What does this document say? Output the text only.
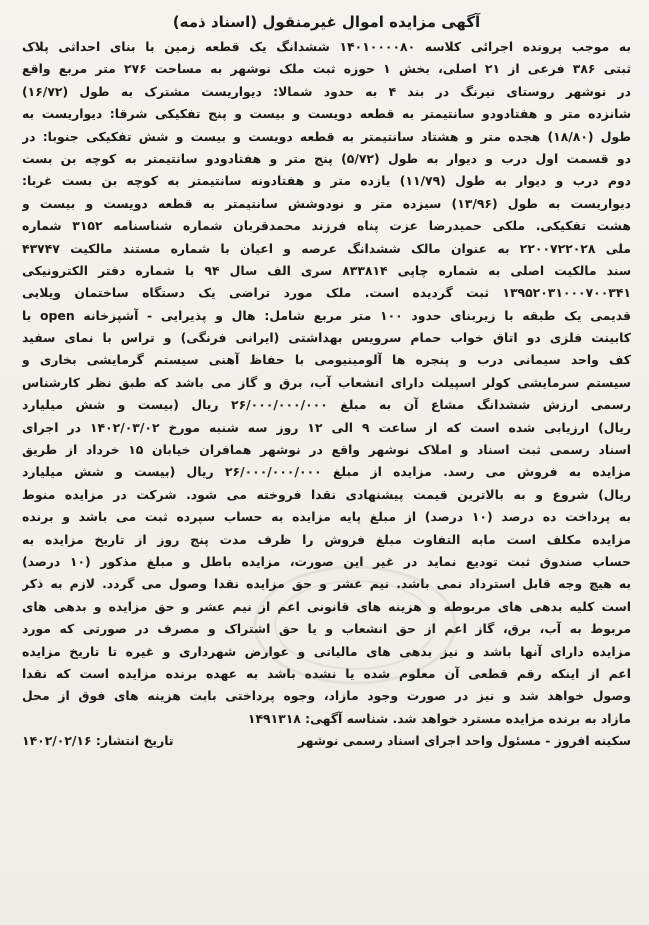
آگهی مزایده اموال غیرمنقول (اسناد ذمه)
به موجب پرونده اجرائی کلاسه ۱۴۰۱۰۰۰۰۸۰ ششدانگ یک قطعه زمین با بنای احداثی پلاک
ثبتی ۳۸۶ فرعی از ۲۱ اصلی، بخش ۱ حوزه ثبت ملک نوشهر به مساحت ۲۷۶ متر مربع واقع
در نوشهر روستای نیرنگ در بند ۴ به حدود شمالا: دیواریست مشترک به طول (۱۶/۷۲)
شانزده متر و هفتادودو سانتیمتر به قطعه دویست و بیست و پنج تفکیکی شرقا: دیواریست به
طول (۱۸/۸۰) هجده متر و هشتاد سانتیمتر به قطعه دویست و بیست و شش تفکیکی جنوبا: در
دو قسمت اول درب و دیوار به طول (۵/۷۲) پنج متر و هفتادودو سانتیمتر به کوچه بن بست
دوم درب و دیوار به طول (۱۱/۷۹) یازده متر و هفتادونه سانتیمتر به کوچه بن بست غربا:
دیواریست به طول (۱۳/۹۶) سیزده متر و نودوشش سانتیمتر به قطعه دویست و بیست و
هشت تفکیکی. ملکی حمیدرضا عزت پناه فرزند محمدقربان شماره شناسنامه ۳۱۵۲ شماره
ملی ۲۲۰۰۷۲۲۰۲۸ به عنوان مالک ششدانگ عرصه و اعیان با شماره مستند مالکیت ۴۳۷۴۷
سند مالکیت اصلی به شماره چاپی ۸۳۳۸۱۴ سری الف سال ۹۴ با شماره دفتر الکترونیکی
۱۳۹۵۲۰۳۱۰۰۰۷۰۰۳۴۱ ثبت گردیده است. ملک مورد تراضی یک دستگاه ساختمان ویلایی
قدیمی یک طبقه با زیربنای حدود ۱۰۰ متر مربع شامل: هال و پذیرایی - آشپزخانه open با
کابینت فلزی دو اتاق خواب حمام سرویس بهداشتی (ایرانی فرنگی) و تراس با نمای سفید
کف واحد سیمانی درب و پنجره ها آلومینیومی با حفاظ آهنی سیستم گرمایشی بخاری و
سیستم سرمایشی کولر اسپیلت دارای انشعاب آب، برق و گاز می باشد که طبق نظر کارشناس
رسمی ارزش ششدانگ مشاع آن به مبلغ ۲۶/۰۰۰/۰۰۰/۰۰۰ ریال (بیست و شش میلیارد
ریال) ارزیابی شده است که از ساعت ۹ الی ۱۲ روز سه شنبه مورخ ۱۴۰۲/۰۳/۰۲ در اجرای
اسناد رسمی ثبت اسناد و املاک نوشهر واقع در نوشهر همافران خیابان ۱۵ خرداد از طریق
مزایده به فروش می رسد. مزایده از مبلغ ۲۶/۰۰۰/۰۰۰/۰۰۰ ریال (بیست و شش میلیارد
ریال) شروع و به بالاترین قیمت پیشنهادی نقدا فروخته می شود. شرکت در مزایده منوط
به پرداخت ده درصد (۱۰ درصد) از مبلغ پایه مزایده به حساب سپرده ثبت می باشد و برنده
مزایده مکلف است مابه التفاوت مبلغ فروش را ظرف مدت پنج روز از تاریخ مزایده به
حساب صندوق ثبت تودیع نماید در غیر این صورت، مزایده باطل و مبلغ مذکور (۱۰ درصد)
به هیچ وجه قابل استرداد نمی باشد. نیم عشر و حق مزایده نقدا وصول می گردد. لازم به ذکر
است کلیه بدهی های مربوطه و هزینه های قانونی اعم از نیم عشر و حق مزایده و بدهی های
مربوط به آب، برق، گاز اعم از حق انشعاب و یا حق اشتراک و مصرف در صورتی که مورد
مزایده دارای آنها باشد و نیز بدهی های مالیاتی و عوارض شهرداری و غیره تا تاریخ مزایده
اعم از اینکه رقم قطعی آن معلوم شده یا نشده باشد به عهده برنده مزایده است که نقدا
وصول خواهد شد و نیز در صورت وجود مازاد، وجوه پرداختی بابت هزینه های فوق از محل
مازاد به برنده مزایده مسترد خواهد شد. شناسه آگهی: ۱۴۹۱۳۱۸
سکینه افروز - مسئول واحد اجرای اسناد رسمی نوشهر
تاریخ انتشار: ۱۴۰۲/۰۲/۱۶
